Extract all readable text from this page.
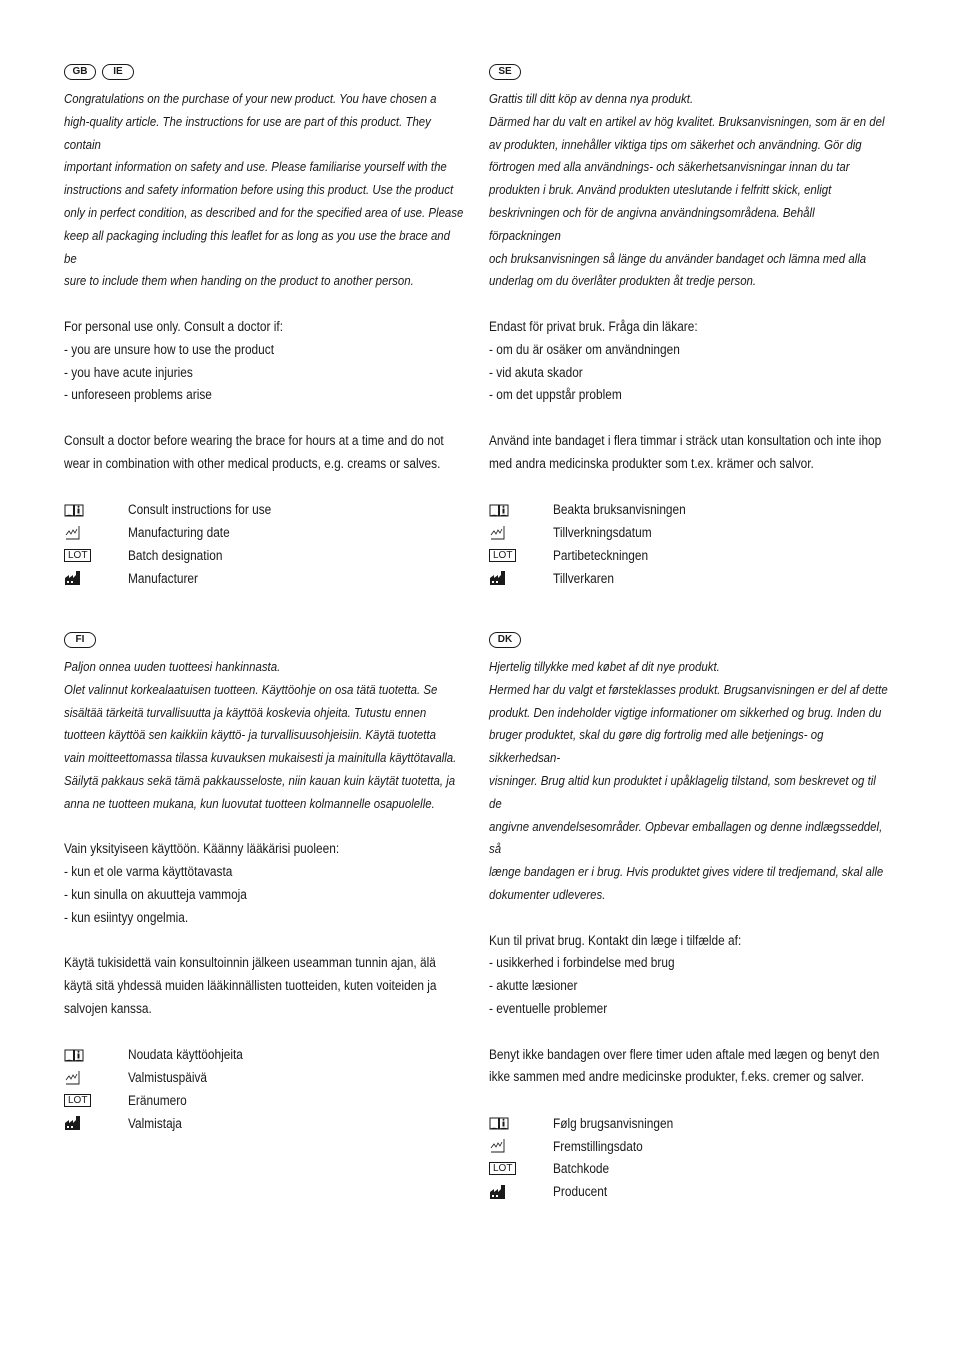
GB	IE

Congratulations on the purchase of your new product. You have chosen a

high-quality article. The instructions for use are part of this product. They contain

important information on safety and use. Please familiarise yourself with the

instructions and safety information before using this product. Use the product

only in perfect condition, as described and for the specified area of use. Please

keep all packaging including this leaflet for as long as you use the brace and be

sure to include them when handing on the product to another person.

For personal use only. Consult a doctor if:

- you are unsure how to use the product

- you have acute injuries

- unforeseen problems arise

Consult a doctor before wearing the brace for hours at a time and do not

wear in combination with other medical products, e.g. creams or salves.

Consult instructions for use
Manufacturing date
LOT	Batch designation
Manufacturer
SE

Grattis till ditt köp av denna nya produkt.

Därmed har du valt en artikel av hög kvalitet. Bruksanvisningen, som är en del

av produkten, innehåller viktiga tips om säkerhet och användning. Gör dig

förtrogen med alla användnings- och säkerhetsanvisningar innan du tar

produkten i bruk. Använd produkten uteslutande i felfritt skick, enligt

beskrivningen och för de angivna användningsområdena. Behåll förpackningen

och bruksanvisningen så länge du använder bandaget och lämna med alla

underlag om du överlåter produkten åt tredje person.

Endast för privat bruk. Fråga din läkare:

- om du är osäker om användningen

- vid akuta skador

- om det uppstår problem

Använd inte bandaget i flera timmar i sträck utan konsultation och inte ihop

med andra medicinska produkter som t.ex. krämer och salvor.

Beakta bruksanvisningen
Tillverkningsdatum
LOT	Partibeteckningen
Tillverkaren
FI

Paljon onnea uuden tuotteesi hankinnasta.

Olet valinnut korkealaatuisen tuotteen. Käyttöohje on osa tätä tuotetta. Se

sisältää tärkeitä turvallisuutta ja käyttöä koskevia ohjeita. Tutustu ennen

tuotteen käyttöä sen kaikkiin käyttö- ja turvallisuusohjeisiin. Käytä tuotetta

vain moitteettomassa tilassa kuvauksen mukaisesti ja mainitulla käyttötavalla.

Säilytä pakkaus sekä tämä pakkausseloste, niin kauan kuin käytät tuotetta, ja

anna ne tuotteen mukana, kun luovutat tuotteen kolmannelle osapuolelle.

Vain yksityiseen käyttöön. Käänny lääkärisi puoleen:

- kun et ole varma käyttötavasta

- kun sinulla on akuutteja vammoja

- kun esiintyy ongelmia.

Käytä tukisidettä vain konsultoinnin jälkeen useamman tunnin ajan, älä

käytä sitä yhdessä muiden lääkinnällisten tuotteiden, kuten voiteiden ja

salvojen kanssa.

Noudata käyttöohjeita
Valmistuspäivä
LOT	Eränumero
Valmistaja
DK

Hjertelig tillykke med købet af dit nye produkt.

Hermed har du valgt et førsteklasses produkt. Brugsanvisningen er del af dette

produkt. Den indeholder vigtige informationer om sikkerhed og brug. Inden du

bruger produktet, skal du gøre dig fortrolig med alle betjenings- og sikkerhedsan-

visninger. Brug altid kun produktet i upåklagelig tilstand, som beskrevet og til de

angivne anvendelsesområder. Opbevar emballagen og denne indlægsseddel, så

længe bandagen er i brug. Hvis produktet gives videre til tredjemand, skal alle

dokumenter udleveres.

Kun til privat brug. Kontakt din læge i tilfælde af:

- usikkerhed i forbindelse med brug

- akutte læsioner

- eventuelle problemer

Benyt ikke bandagen over flere timer uden aftale med lægen og benyt den

ikke sammen med andre medicinske produkter, f.eks. cremer og salver.

Følg brugsanvisningen
Fremstillingsdato
LOT	Batchkode
Producent
